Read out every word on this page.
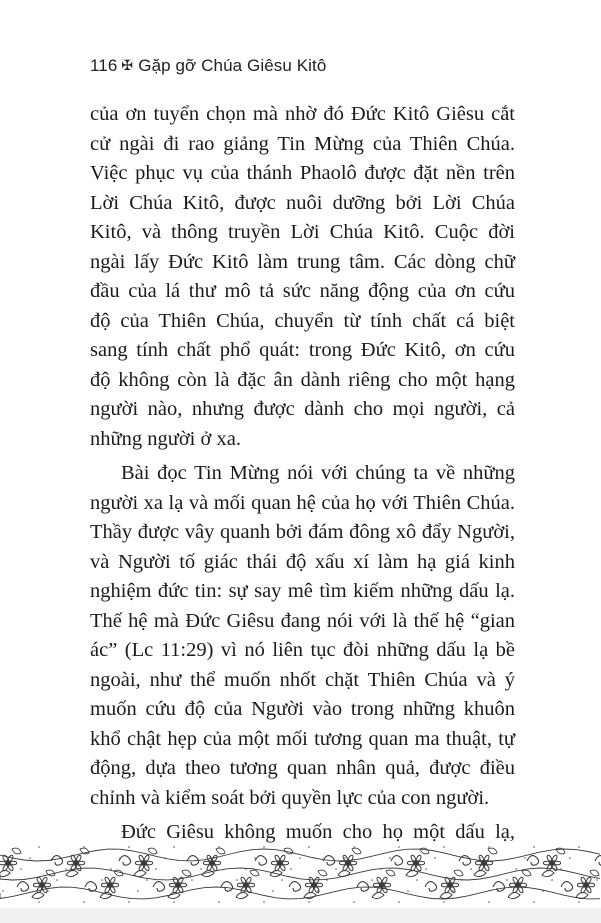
116 ✠ Gặp gỡ Chúa Giêsu Kitô
của ơn tuyển chọn mà nhờ đó Đức Kitô Giêsu cắt
cử ngài đi rao giảng Tin Mừng của Thiên Chúa.
Việc phục vụ của thánh Phaolô được đặt nền trên
Lời Chúa Kitô, được nuôi dưỡng bởi Lời Chúa
Kitô, và thông truyền Lời Chúa Kitô. Cuộc đời
ngài lấy Đức Kitô làm trung tâm. Các dòng chữ
đầu của lá thư mô tả sức năng động của ơn cứu
độ của Thiên Chúa, chuyển từ tính chất cá biệt
sang tính chất phổ quát: trong Đức Kitô, ơn cứu
độ không còn là đặc ân dành riêng cho một hạng
người nào, nhưng được dành cho mọi người, cả
những người ở xa.
Bài đọc Tin Mừng nói với chúng ta về những
người xa lạ và mối quan hệ của họ với Thiên Chúa.
Thầy được vây quanh bởi đám đông xô đẩy Người,
và Người tố giác thái độ xấu xí làm hạ giá kinh
nghiệm đức tin: sự say mê tìm kiếm những dấu lạ.
Thế hệ mà Đức Giêsu đang nói với là thế hệ “gian
ác” (Lc 11:29) vì nó liên tục đòi những dấu lạ bề
ngoài, như thể muốn nhốt chặt Thiên Chúa và ý
muốn cứu độ của Người vào trong những khuôn
khổ chật hẹp của một mối tương quan ma thuật, tự
động, dựa theo tương quan nhân quả, được điều
chỉnh và kiểm soát bởi quyền lực của con người.
Đức Giêsu không muốn cho họ một dấu lạ,
